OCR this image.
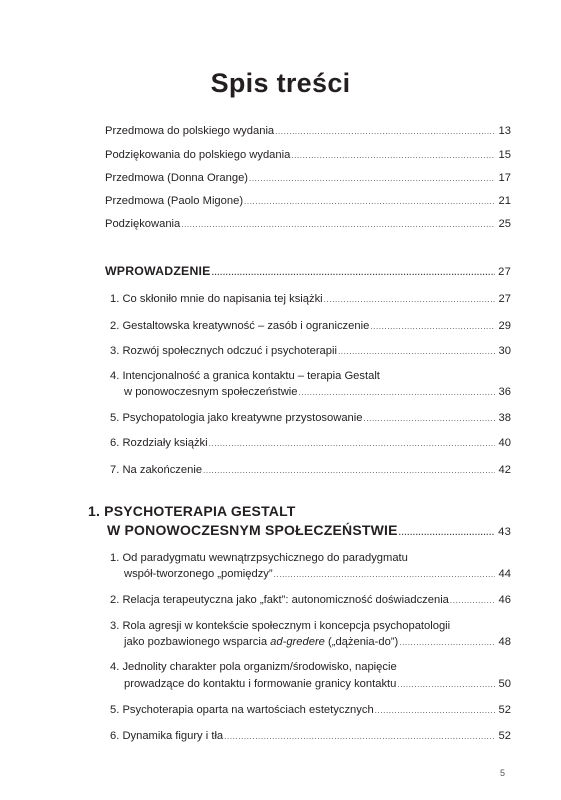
Spis treści
Przedmowa do polskiego wydania .....	13
Podziękowania do polskiego wydania .....	15
Przedmowa (Donna Orange) .....	17
Przedmowa (Paolo Migone) .....	21
Podziękowania .....	25
WPROWADZENIE .....	27
1. Co skłoniło mnie do napisania tej książki .....	27
2. Gestaltowska kreatywność – zasób i ograniczenie .....	29
3. Rozwój społecznych odczuć i psychoterapii .....	30
4. Intencjonalność a granica kontaktu – terapia Gestalt
w ponowoczesnym społeczeństwie .....	36
5. Psychopatologia jako kreatywne przystosowanie .....	38
6. Rozdziały książki .....	40
7. Na zakończenie .....	42
1. PSYCHOTERAPIA GESTALT
W PONOWOCZESNYM SPOŁECZEŃSTWIE .....	43
1. Od paradygmatu wewnątrzpsychicznego do paradygmatu
współ-tworzonego „pomiędzy” .....	44
2. Relacja terapeutyczna jako „fakt”: autonomiczność doświadczenia .....	46
3. Rola agresji w kontekście społecznym i koncepcja psychopatologii
jako pozbawionego wsparcia ad-gredere („dążenia-do”) .....	48
4. Jednolity charakter pola organizm/środowisko, napięcie
prowadzące do kontaktu i formowanie granicy kontaktu .....	50
5. Psychoterapia oparta na wartościach estetycznych .....	52
6. Dynamika figury i tła .....	52
5
